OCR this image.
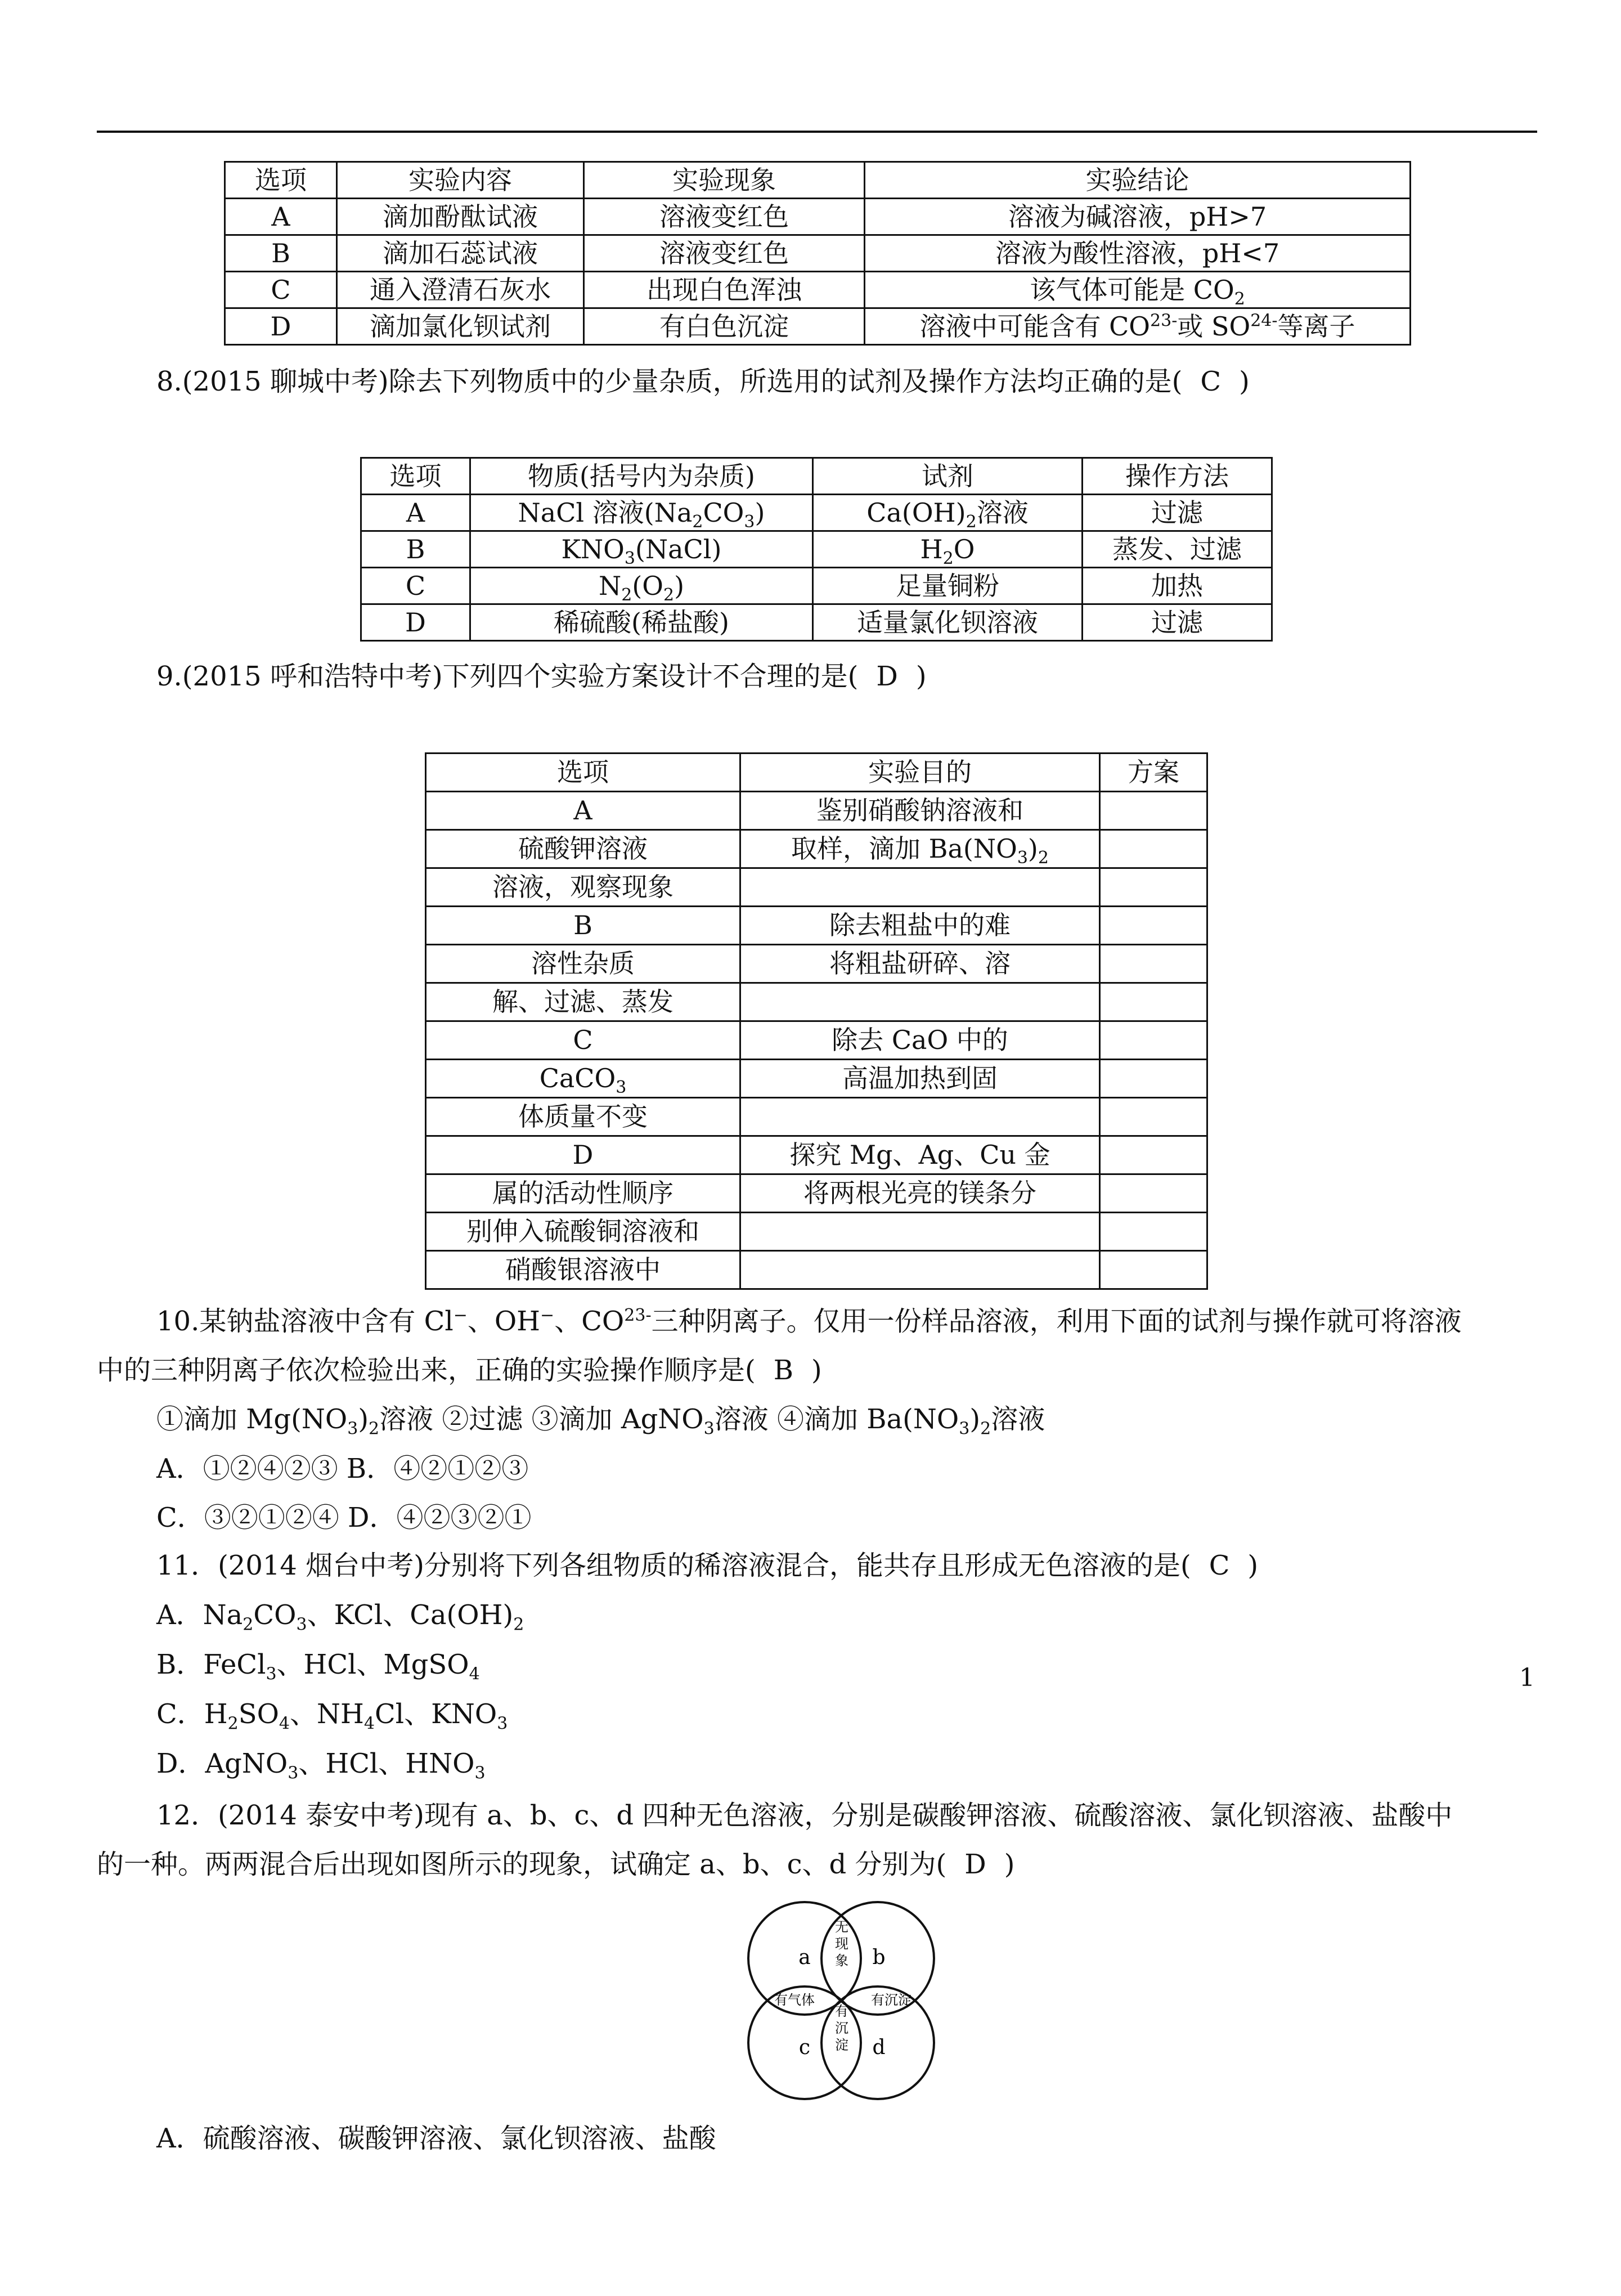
选项	实验内容	实验现象	实验结论
A	滴加酚酞试液	溶液变红色	溶液为碱溶液，pH>7
B	滴加石蕊试液	溶液变红色	溶液为酸性溶液，pH<7
C	通入澄清石灰水	出现白色浑浊	该气体可能是 $CO_2$
D	滴加氯化钡试剂	有白色沉淀	溶液中可能含有 $CO^{23-}$或 $SO^{24-}$等离子
8.(2015 聊城中考)除去下列物质中的少量杂质，所选用的试剂及操作方法均正确的是( C )
选项	物质(括号内为杂质)	试剂	操作方法
A	NaCl 溶液$(Na_2CO_3)$	$Ca(OH)_2$溶液	过滤
B	$KNO_3(NaCl)$	$H_2O$	蒸发、过滤
C	$N_2(O_2)$	足量铜粉	加热
D	稀硫酸(稀盐酸)	适量氯化钡溶液	过滤
9.(2015 呼和浩特中考)下列四个实验方案设计不合理的是( D )
选项	实验目的	方案
A	鉴别硝酸钠溶液和	
硫酸钾溶液	取样，滴加 $Ba(NO_3)_2$	
溶液，观察现象		
B	除去粗盐中的难	
溶性杂质	将粗盐研碎、溶	
解、过滤、蒸发		
C	除去 CaO 中的	
CaCO$_3$	高温加热到固	
体质量不变		
D	探究 Mg、Ag、Cu 金	
属的活动性顺序	将两根光亮的镁条分	
别伸入硫酸铜溶液和		
硝酸银溶液中		
10.某钠盐溶液中含有 Cl−、OH−、$CO^{23-}$三种阴离子。仅用一份样品溶液，利用下面的试剂与操作就可将溶液
中的三种阴离子依次检验出来，正确的实验操作顺序是( B )
①滴加 $Mg(NO_3)_2$溶液 ②过滤 ③滴加 AgNO$_3$溶液 ④滴加 $Ba(NO_3)_2$溶液
A．①②④②③ B．④②①②③
C．③②①②④ D．④②③②①
11．(2014 烟台中考)分别将下列各组物质的稀溶液混合，能共存且形成无色溶液的是( C )
A．$Na_2CO_3$、KCl、$Ca(OH)_2$
B．FeCl$_3$、HCl、MgSO$_4$
C．$H_2SO_4$、$NH_4Cl$、$KNO_3$
D．AgNO$_3$、HCl、$HNO_3$
12．(2014 泰安中考)现有 a、b、c、d 四种无色溶液，分别是碳酸钾溶液、硫酸溶液、氯化钡溶液、盐酸中
的一种。两两混合后出现如图所示的现象，试确定 a、b、c、d 分别为( D )
a	b
c	d
无现象
有气体	有沉淀
有沉淀
A．硫酸溶液、碳酸钾溶液、氯化钡溶液、盐酸
1
